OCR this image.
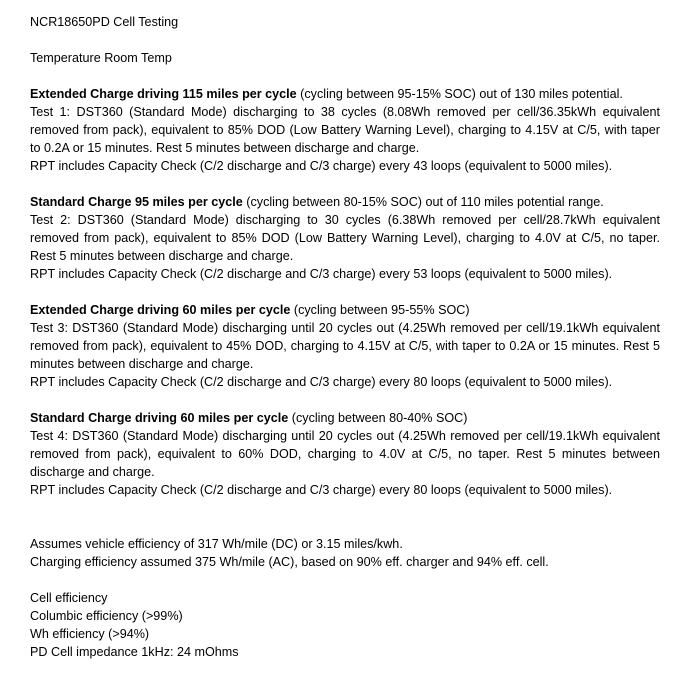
NCR18650PD Cell Testing

Temperature Room Temp

Extended Charge driving 115 miles per cycle (cycling between 95-15% SOC) out of 130 miles potential.

Test 1: DST360 (Standard Mode) discharging to 38 cycles (8.08Wh removed per cell/36.35kWh equivalent removed from pack), equivalent to 85% DOD (Low Battery Warning Level), charging to 4.15V at C/5, with taper to 0.2A or 15 minutes. Rest 5 minutes between discharge and charge.

RPT includes Capacity Check (C/2 discharge and C/3 charge) every 43 loops (equivalent to 5000 miles).

Standard Charge 95 miles per cycle (cycling between 80-15% SOC) out of 110 miles potential range.

Test 2: DST360 (Standard Mode) discharging to 30 cycles (6.38Wh removed per cell/28.7kWh equivalent removed from pack), equivalent to 85% DOD (Low Battery Warning Level), charging to 4.0V at C/5, no taper. Rest 5 minutes between discharge and charge.

RPT includes Capacity Check (C/2 discharge and C/3 charge) every 53 loops (equivalent to 5000 miles).

Extended Charge driving 60 miles per cycle (cycling between 95-55% SOC)

Test 3: DST360 (Standard Mode) discharging until 20 cycles out (4.25Wh removed per cell/19.1kWh equivalent removed from pack), equivalent to 45% DOD, charging to 4.15V at C/5, with taper to 0.2A or 15 minutes. Rest 5 minutes between discharge and charge.

RPT includes Capacity Check (C/2 discharge and C/3 charge) every 80 loops (equivalent to 5000 miles).

Standard Charge driving 60 miles per cycle (cycling between 80-40% SOC)

Test 4: DST360 (Standard Mode) discharging until 20 cycles out (4.25Wh removed per cell/19.1kWh equivalent removed from pack), equivalent to 60% DOD, charging to 4.0V at C/5, no taper. Rest 5 minutes between discharge and charge.

RPT includes Capacity Check (C/2 discharge and C/3 charge) every 80 loops (equivalent to 5000 miles).

Assumes vehicle efficiency of 317 Wh/mile (DC) or 3.15 miles/kwh.

Charging efficiency assumed 375 Wh/mile (AC), based on 90% eff. charger and 94% eff. cell.

Cell efficiency

Columbic efficiency (>99%)

Wh efficiency (>94%)

PD Cell impedance 1kHz: 24 mOhms
